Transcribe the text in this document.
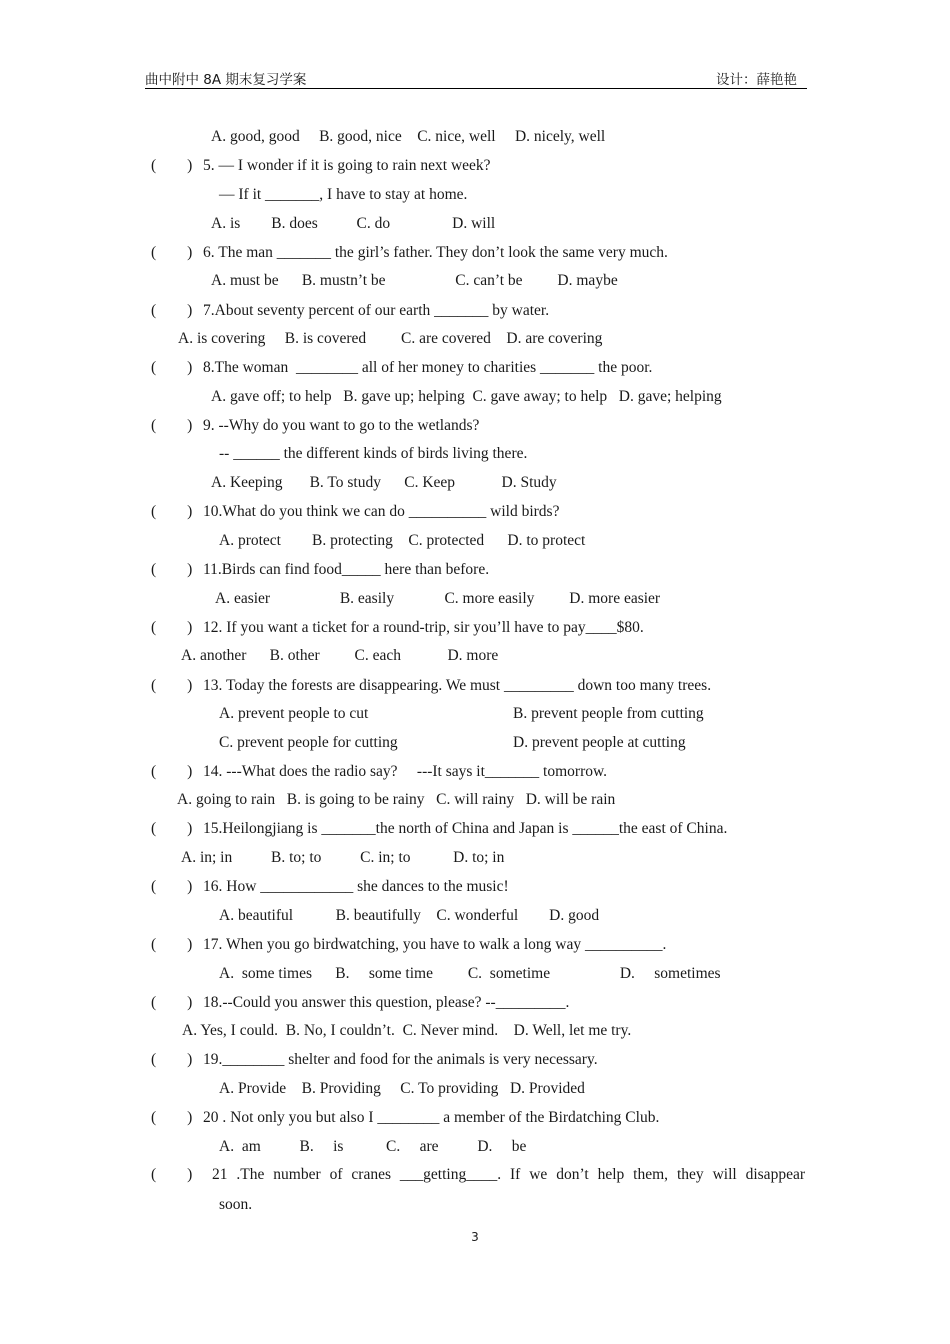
曲中附中 8A 期末复习学案	设计：薛艳艳
A. good, good     B. good, nice    C. nice, well     D. nicely, well
(　　) 5. — I wonder if it is going to rain next week?
— If it _______, I have to stay at home.
A. is        B. does          C. do                D. will
(　　) 6. The man _______ the girl’s father. They don’t look the same very much.
A. must be      B. mustn’t be                  C. can’t be         D. maybe
(　　) 7.About seventy percent of our earth _______ by water.
A. is covering     B. is covered         C. are covered    D. are covering
(　　) 8.The woman  ________ all of her money to charities _______ the poor.
A. gave off; to help   B. gave up; helping  C. gave away; to help   D. gave; helping
(　　) 9. --Why do you want to go to the wetlands?
-- ______ the different kinds of birds living there.
A. Keeping       B. To study      C. Keep            D. Study
(　　) 10.What do you think we can do __________ wild birds?
A. protect        B. protecting    C. protected      D. to protect
(　　) 11.Birds can find food_____ here than before.
A. easier                  B. easily             C. more easily         D. more easier
(　　) 12. If you want a ticket for a round-trip, sir you’ll have to pay____$80.
A. another      B. other         C. each            D. more
(　　) 13. Today the forests are disappearing. We must _________ down too many trees.
A. prevent people to cut	B. prevent people from cutting
C. prevent people for cutting	D. prevent people at cutting
(　　) 14. ---What does the radio say?     ---It says it_______ tomorrow.
A. going to rain   B. is going to be rainy   C. will rainy   D. will be rain
(　　) 15.Heilongjiang is _______the north of China and Japan is ______the east of China.
A. in; in          B. to; to          C. in; to           D. to; in
(　　) 16. How ____________ she dances to the music!
A. beautiful           B. beautifully    C. wonderful        D. good
(　　) 17. When you go birdwatching, you have to walk a long way __________.
A.  some times      B.     some time         C.  sometime                  D.     sometimes
(　　) 18.--Could you answer this question, please? --_________.
A. Yes, I could.  B. No, I couldn’t.  C. Never mind.    D. Well, let me try.
(　　) 19.________ shelter and food for the animals is very necessary.
A. Provide    B. Providing     C. To providing   D. Provided
(　　) 20 . Not only you but also I ________ a member of the Birdatching Club.
A.  am          B.     is           C.     are          D.     be
soon.
(　　) 21 .The number of cranes ___getting____. If we don’t help them, they will disappear
3
